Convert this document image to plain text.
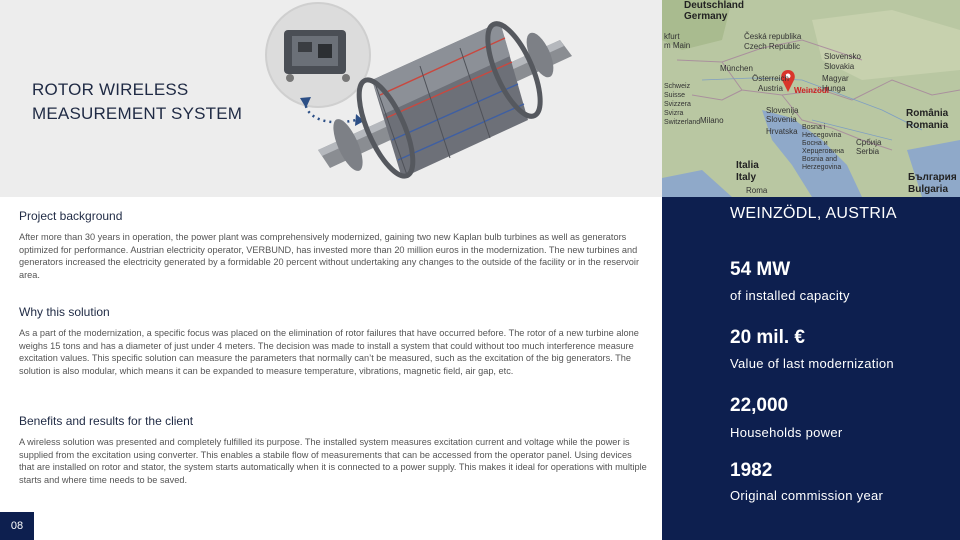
ROTOR WIRELESS
MEASUREMENT SYSTEM
Deutschland
Germany
Česká republika
Czech Republic
kfurt
m Main
München
Slovensko
Slovakia
Österreich
Austria Weinzödl
Magyar
Hunga
Schweiz
Suisse
Svizzera
Svizra
Switzerland Milano
Slovenija
Slovenia
Hrvatska Bosna i
Hercegovina
Босна и
Херцеговина
Bosnia and
Herzegovina
Србија
Serbia
România
Romania
Italia
Italy
Roma
България
Bulgaria
Project background
After more than 30 years in operation, the power plant was comprehensively modernized, gaining two new Kaplan bulb turbines as well as generators optimized for performance. Austrian electricity operator, VERBUND, has invested more than 20 million euros in the modernization. The new turbines and generators increased the electricity generated by a formidable 20 percent without undertaking any changes to the outside of the facility or in the reservoir area.
Why this solution
As a part of the modernization, a specific focus was placed on the elimination of rotor failures that have occurred before. The rotor of a new turbine alone weighs 15 tons and has a diameter of just under 4 meters. The decision was made to install a system that could without too much interference measure excitation values. This specific solution can measure the parameters that normally can’t be measured, such as the excitation of the big generators. The solution is also modular, which means it can be expanded to measure temperature, vibrations, magnetic field, air gap, etc.
Benefits and results for the client
A wireless solution was presented and completely fulfilled its purpose. The installed system measures excitation current and voltage while the power is supplied from the excitation using converter. This enables a stabile flow of measurements that can be accessed from the operator panel. Using devices that are installed on rotor and stator, the system starts automatically when it is connected to a power supply. This makes it ideal for operations with multiple starts and where time needs to be saved.
08
WEINZÖDL, AUSTRIA
54 MW
of installed capacity
20 mil. €
Value of last modernization
22,000
Households power
1982
Original commission year
